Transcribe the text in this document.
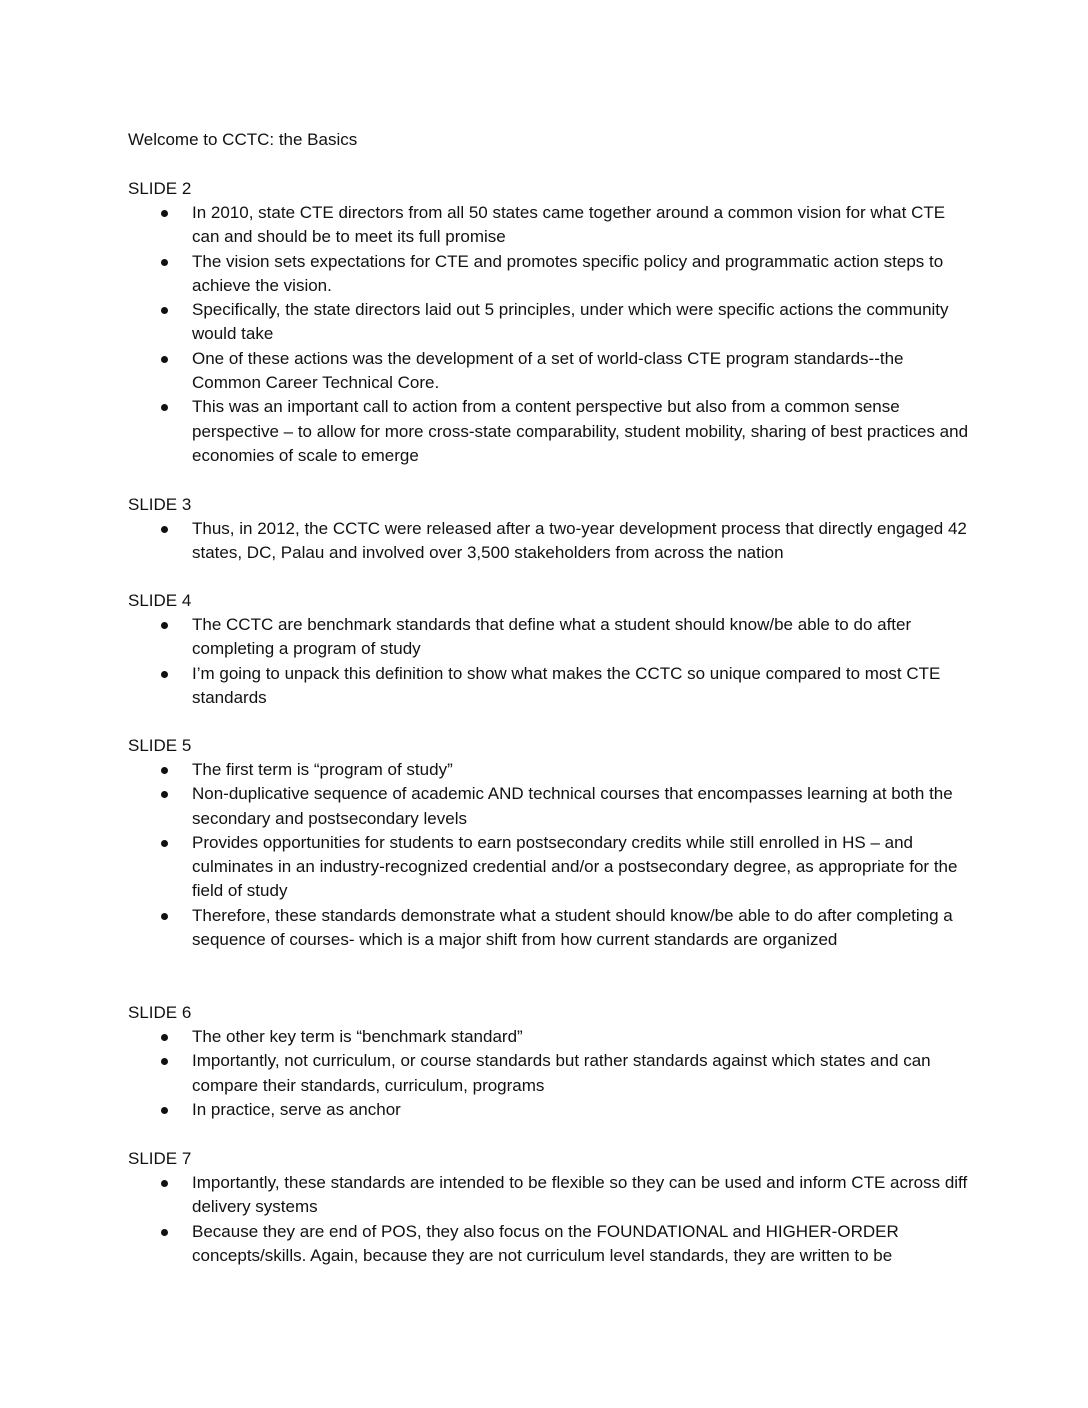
Welcome to CCTC: the Basics
SLIDE 2
In 2010, state CTE directors from all 50 states came together around a common vision for what CTE can and should be to meet its full promise
The vision sets expectations for CTE and promotes specific policy and programmatic action steps to achieve the vision.
Specifically, the state directors laid out 5 principles, under which were specific actions the community would take
One of these actions was the development of a set of world-class CTE program standards--the Common Career Technical Core.
This was an important call to action from a content perspective but also from a common sense perspective – to allow for more cross-state comparability, student mobility, sharing of best practices and economies of scale to emerge
SLIDE 3
Thus, in 2012, the CCTC were released after a two-year development process that directly engaged 42 states, DC, Palau and involved over 3,500 stakeholders from across the nation
SLIDE 4
The CCTC are benchmark standards that define what a student should know/be able to do after completing a program of study
I’m going to unpack this definition to show what makes the CCTC so unique compared to most CTE standards
SLIDE 5
The first term is “program of study”
Non-duplicative sequence of academic AND technical courses that encompasses learning at both the secondary and postsecondary levels
Provides opportunities for students to earn postsecondary credits while still enrolled in HS – and culminates in an industry-recognized credential and/or a postsecondary degree, as appropriate for the field of study
Therefore, these standards demonstrate what a student should know/be able to do after completing a sequence of courses- which is a major shift from how current standards are organized
SLIDE 6
The other key term is “benchmark standard”
Importantly, not curriculum, or course standards but rather standards against which states and can compare their standards, curriculum, programs
In practice, serve as anchor
SLIDE 7
Importantly, these standards are intended to be flexible so they can be used and inform CTE across diff delivery systems
Because they are end of POS, they also focus on the FOUNDATIONAL and HIGHER-ORDER concepts/skills. Again, because they are not curriculum level standards, they are written to be
